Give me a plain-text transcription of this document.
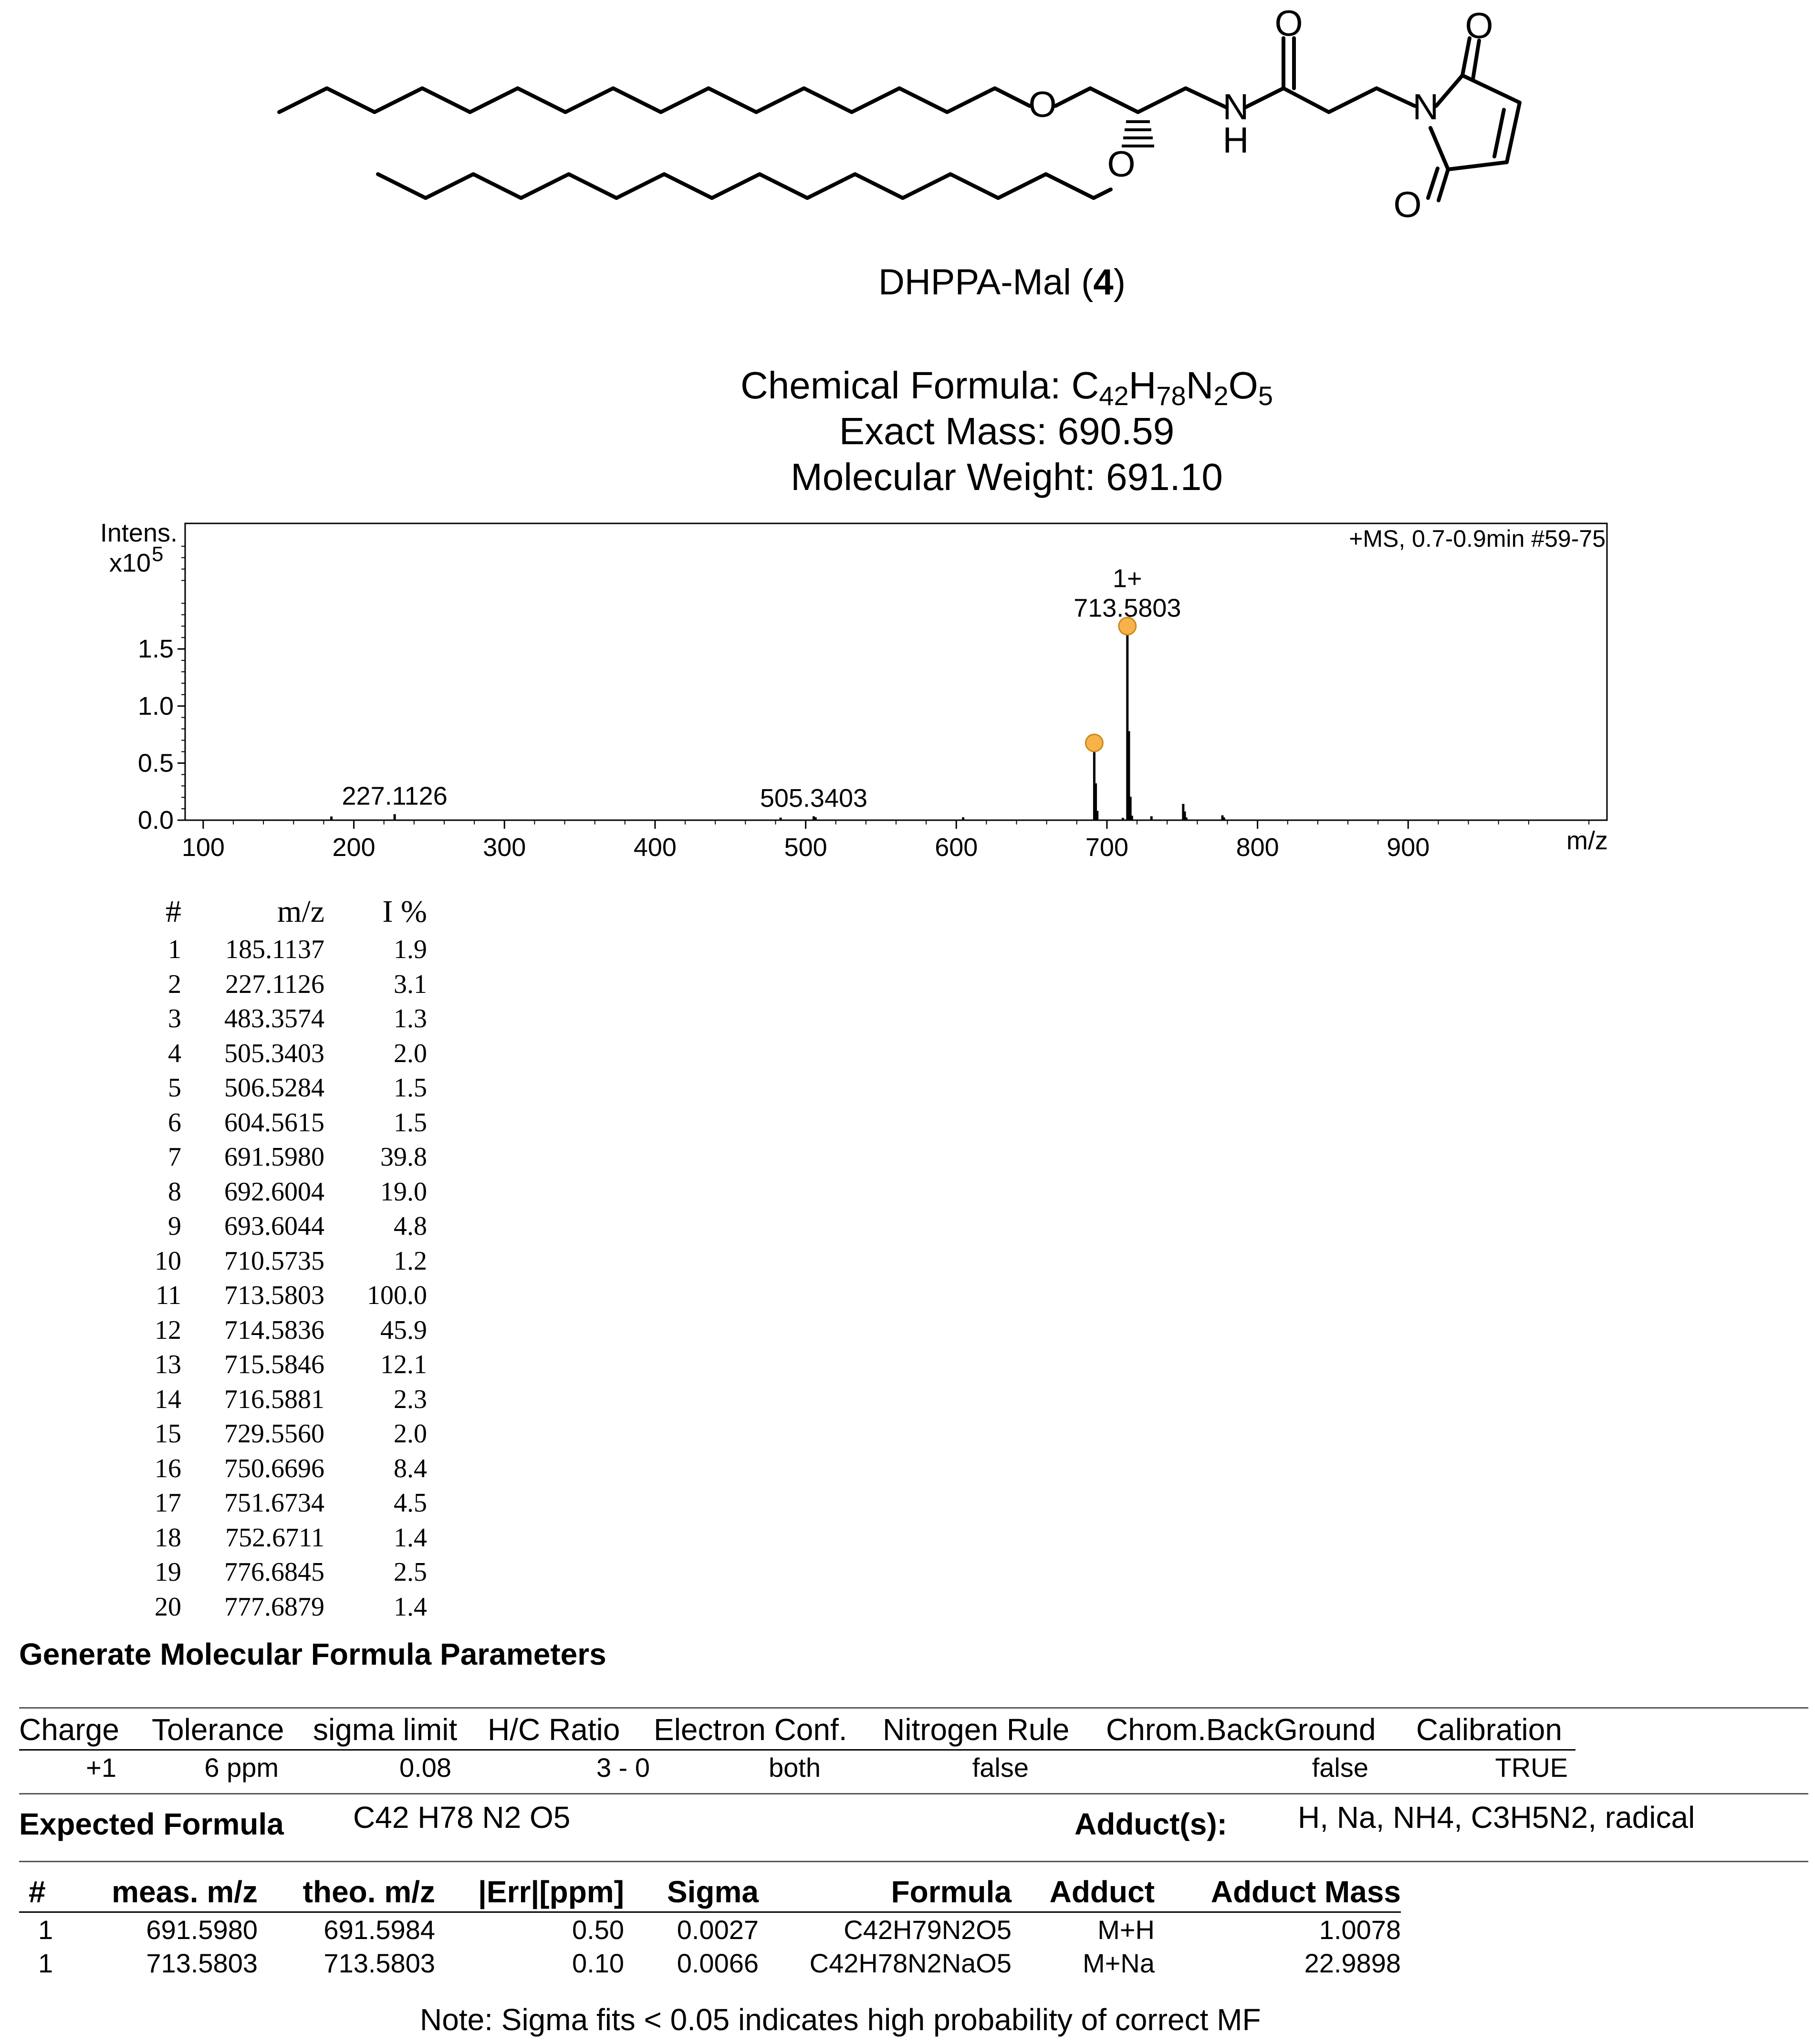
O
O
N
H
O
N
O
O
DHPPA-Mal (4)
Chemical Formula: $C_{42}H_{78}N_2O_5$
Exact Mass: 690.59
Molecular Weight: 691.10
Intens.
x10 5
+MS, 0.7-0.9min #59-75
m/z
100	200	300	400	500	600	700	800	900
0.0
0.5
1.0
1.5
227.1126	505.3403
713.5803
1+
#	m/z	I %
1	185.1137	1.9
2	227.1126	3.1
3	483.3574	1.3
4	505.3403	2.0
5	506.5284	1.5
6	604.5615	1.5
7	691.5980	39.8
8	692.6004	19.0
9	693.6044	4.8
10	710.5735	1.2
11	713.5803	100.0
12	714.5836	45.9
13	715.5846	12.1
14	716.5881	2.3
15	729.5560	2.0
16	750.6696	8.4
17	751.6734	4.5
18	752.6711	1.4
19	776.6845	2.5
20	777.6879	1.4
Generate Molecular Formula Parameters
Charge	Tolerance	sigma limit	H/C Ratio	Electron Conf.	Nitrogen Rule	Chrom.BackGround	Calibration
+1	6 ppm	0.08	3 - 0	both	false	false	TRUE
Expected Formula C42 H78 N2 O5	Adduct(s): H, Na, NH4, C3H5N2, radical
#	meas. m/z	theo. m/z	|Err|[ppm]	Sigma	Formula	Adduct	Adduct Mass
1	691.5980	691.5984	0.50	0.0027	C42H79N2O5	M+H	1.0078
1	713.5803	713.5803	0.10	0.0066	C42H78N2NaO5	M+Na	22.9898
Note: Sigma fits < 0.05 indicates high probability of correct MF
